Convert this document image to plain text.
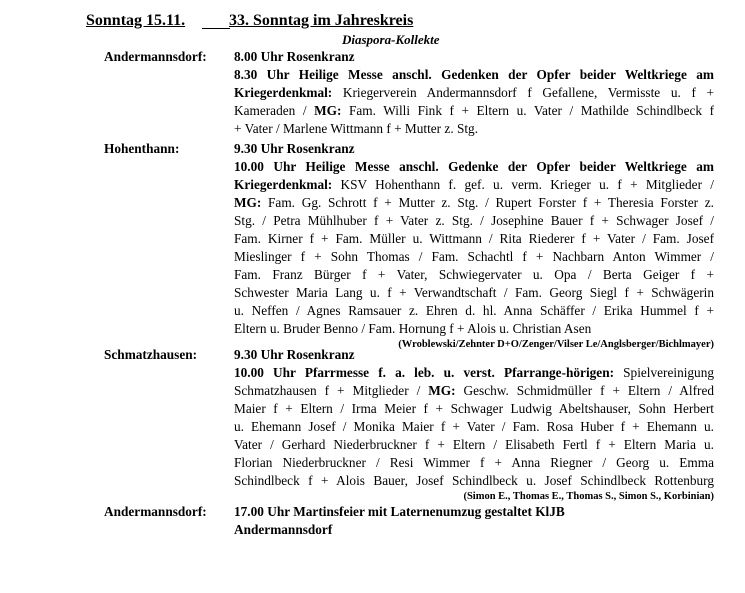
Sonntag 15.11.	33. Sonntag im Jahreskreis
Diaspora-Kollekte
Andermannsdorf: 8.00 Uhr Rosenkranz
8.30 Uhr Heilige Messe anschl. Gedenken der Opfer beider Weltkriege am
Kriegerdenkmal: Kriegerverein Andermannsdorf f Gefallene, Vermisste u. f +
Kameraden / MG: Fam. Willi Fink f + Eltern u. Vater / Mathilde Schindlbeck f
+ Vater / Marlene Wittmann f + Mutter z. Stg.
Hohenthann:	9.30 Uhr Rosenkranz
10.00 Uhr Heilige Messe anschl. Gedenke der Opfer beider Weltkriege am
Kriegerdenkmal: KSV Hohenthann f. gef. u. verm. Krieger u. f + Mitglieder /
MG: Fam. Gg. Schrott f + Mutter z. Stg. / Rupert Forster f + Theresia Forster z.
Stg. / Petra Mühlhuber f + Vater z. Stg. / Josephine Bauer f + Schwager Josef /
Fam. Kirner f + Fam. Müller u. Wittmann / Rita Riederer f + Vater / Fam. Josef
Mieslinger f + Sohn Thomas / Fam. Schachtl f + Nachbarn Anton Wimmer /
Fam. Franz Bürger f + Vater, Schwiegervater u. Opa / Berta Geiger f +
Schwester Maria Lang u. f + Verwandtschaft / Fam. Georg Siegl f + Schwägerin
u. Neffen / Agnes Ramsauer z. Ehren d. hl. Anna Schäffer / Erika Hummel f +
Eltern u. Bruder Benno / Fam. Hornung f + Alois u. Christian Asen
(Wroblewski/Zehnter D+O/Zenger/Vilser Le/Anglsberger/Bichlmayer)
Schmatzhausen:	9.30 Uhr Rosenkranz
10.00 Uhr Pfarrmesse f. a. leb. u. verst. Pfarrange-hörigen: Spielvereinigung
Schmatzhausen f + Mitglieder / MG: Geschw. Schmidmüller f + Eltern / Alfred
Maier f + Eltern / Irma Meier f + Schwager Ludwig Abeltshauser, Sohn Herbert
u. Ehemann Josef / Monika Maier f + Vater / Fam. Rosa Huber f + Ehemann u.
Vater / Gerhard Niederbruckner f + Eltern / Elisabeth Fertl f + Eltern Maria u.
Florian Niederbruckner / Resi Wimmer f + Anna Riegner / Georg u. Emma
Schindlbeck f + Alois Bauer, Josef Schindlbeck u. Josef Schindlbeck Rottenburg
(Simon E., Thomas E., Thomas S., Simon S., Korbinian)
Andermannsdorf: 17.00 Uhr Martinsfeier mit Laternenumzug gestaltet KlJB
Andermannsdorf
